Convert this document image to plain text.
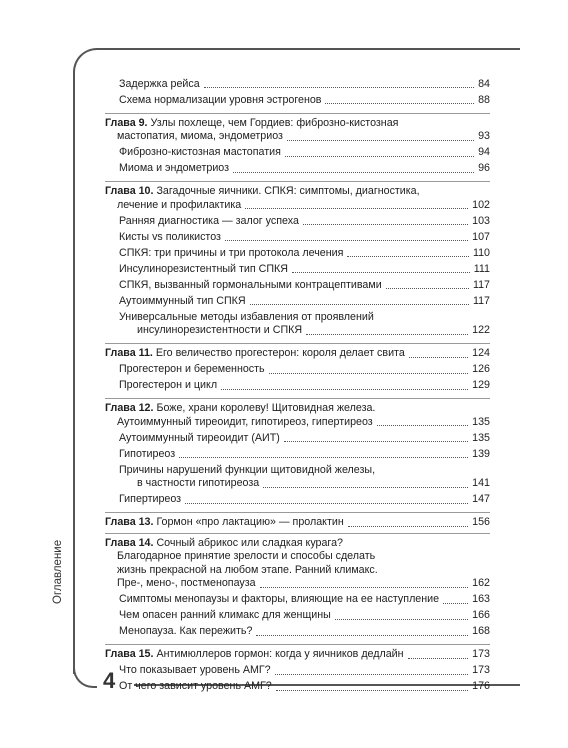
4
Оглавление
Задержка рейса	84
Схема нормализации уровня эстрогенов	88
Глава 9. Узлы похлеще, чем Гордиев: фиброзно-кистозная
мастопатия, миома, эндометриоз	93
Фиброзно-кистозная мастопатия	94
Миома и эндометриоз	96
Глава 10. Загадочные яичники. СПКЯ: симптомы, диагностика,
лечение и профилактика	102
Ранняя диагностика — залог успеха	103
Кисты vs поликистоз	107
СПКЯ: три причины и три протокола лечения	110
Инсулинорезистентный тип СПКЯ	111
СПКЯ, вызванный гормональными контрацептивами	117
Аутоиммунный тип СПКЯ	117
Универсальные методы избавления от проявлений
инсулинорезистентности и СПКЯ	122
Глава 11. Его величество прогестерон: короля делает свита	124
Прогестерон и беременность	126
Прогестерон и цикл	129
Глава 12. Боже, храни королеву! Щитовидная железа.
Аутоиммунный тиреоидит, гипотиреоз, гипертиреоз	135
Аутоиммунный тиреоидит (АИТ)	135
Гипотиреоз	139
Причины нарушений функции щитовидной железы,
в частности гипотиреоза	141
Гипертиреоз	147
Глава 13. Гормон «про лактацию» — пролактин	156
Глава 14. Сочный абрикос или сладкая курага?
Благодарное принятие зрелости и способы сделать
жизнь прекрасной на любом этапе. Ранний климакс.
Пре-, мено-, постменопауза	162
Симптомы менопаузы и факторы, влияющие на ее наступление	163
Чем опасен ранний климакс для женщины	166
Менопауза. Как пережить?	168
Глава 15. Антимюллеров гормон: когда у яичников дедлайн	173
Что показывает уровень АМГ?	173
От чего зависит уровень АМГ?	176
